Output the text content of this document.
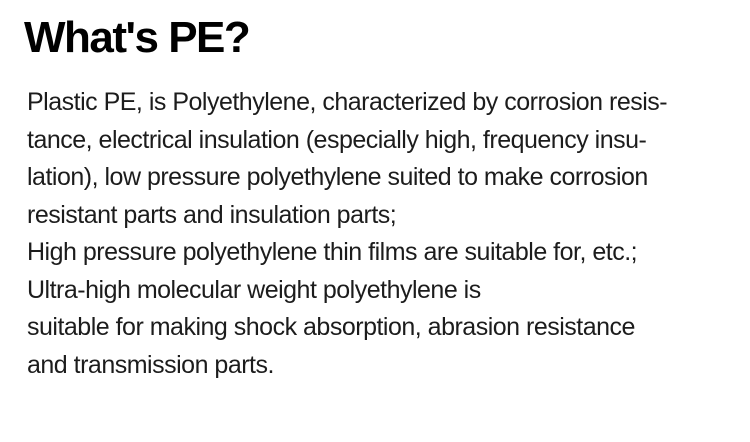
What's PE?
Plastic PE, is Polyethylene, characterized by corrosion resis-
tance, electrical insulation (especially high, frequency insu-
lation), low pressure polyethylene suited to make corrosion
resistant parts and insulation parts;
High pressure polyethylene thin films are suitable for, etc.;
Ultra-high molecular weight polyethylene is
suitable for making shock absorption, abrasion resistance
and transmission parts.
